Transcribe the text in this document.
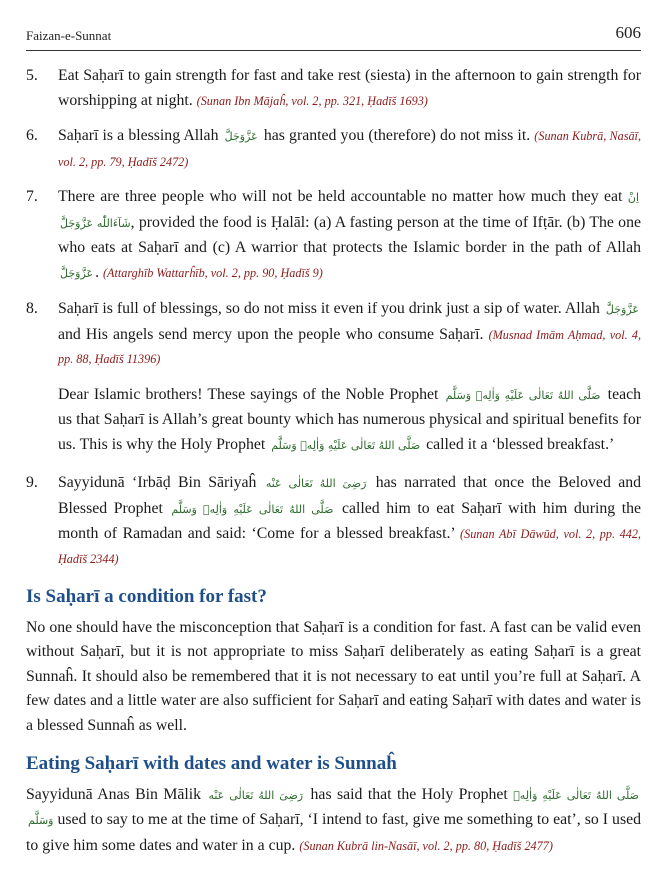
Faizan-e-Sunnat	606
5.	Eat Saḥarī to gain strength for fast and take rest (siesta) in the afternoon to gain strength for worshipping at night. (Sunan Ibn Mājaĥ, vol. 2, pp. 321, Ḥadīš 1693)
6.	Saḥarī is a blessing Allah عَزَّوَجَلَّ has granted you (therefore) do not miss it. (Sunan Kubrā, Nasāī, vol. 2, pp. 79, Ḥadīš 2472)
7.	There are three people who will not be held accountable no matter how much they eat اِنْ شَآءَاللّٰه عَزَّوَجَلَّ, provided the food is Ḥalāl: (a) A fasting person at the time of Ifṭār. (b) The one who eats at Saḥarī and (c) A warrior that protects the Islamic border in the path of Allah عَزَّوَجَلَّ . (Attarghīb Wattarĥīb, vol. 2, pp. 90, Ḥadīš 9)
8.	Saḥarī is full of blessings, so do not miss it even if you drink just a sip of water. Allah عَزَّوَجَلَّ and His angels send mercy upon the people who consume Saḥarī. (Musnad Imām Aḥmad, vol. 4, pp. 88, Ḥadīš 11396)

Dear Islamic brothers! These sayings of the Noble Prophet صَلَّى اللهُ تَعَالٰى عَلَيْهِ وَاٰلِهٖ وَسَلَّم teach us that Saḥarī is Allah’s great bounty which has numerous physical and spiritual benefits for us. This is why the Holy Prophet صَلَّى اللهُ تَعَالٰى عَلَيْهِ وَاٰلِهٖ وَسَلَّم called it a ‘blessed breakfast.’

9.	Sayyidunā ‘Irbāḍ Bin Sāriyaĥ رَضِیَ اللهُ تَعَالٰی عَنْه has narrated that once the Beloved and Blessed Prophet صَلَّى اللهُ تَعَالٰى عَلَيْهِ وَاٰلِهٖ وَسَلَّم called him to eat Saḥarī with him during the month of Ramadan and said: ‘Come for a blessed breakfast.’ (Sunan Abī Dāwūd, vol. 2, pp. 442, Ḥadīš 2344)
Is Saḥarī a condition for fast?

No one should have the misconception that Saḥarī is a condition for fast. A fast can be valid even without Saḥarī, but it is not appropriate to miss Saḥarī deliberately as eating Saḥarī is a great Sunnaĥ. It should also be remembered that it is not necessary to eat until you’re full at Saḥarī. A few dates and a little water are also sufficient for Saḥarī and eating Saḥarī with dates and water is a blessed Sunnaĥ as well.

Eating Saḥarī with dates and water is Sunnaĥ

Sayyidunā Anas Bin Mālik رَضِیَ اللهُ تَعَالٰی عَنْه has said that the Holy Prophet صَلَّى اللهُ تَعَالٰى عَلَيْهِ وَاٰلِهٖ وَسَلَّم used to say to me at the time of Saḥarī, ‘I intend to fast, give me something to eat’, so I used to give him some dates and water in a cup. (Sunan Kubrā lin-Nasāī, vol. 2, pp. 80, Ḥadīš 2477)
